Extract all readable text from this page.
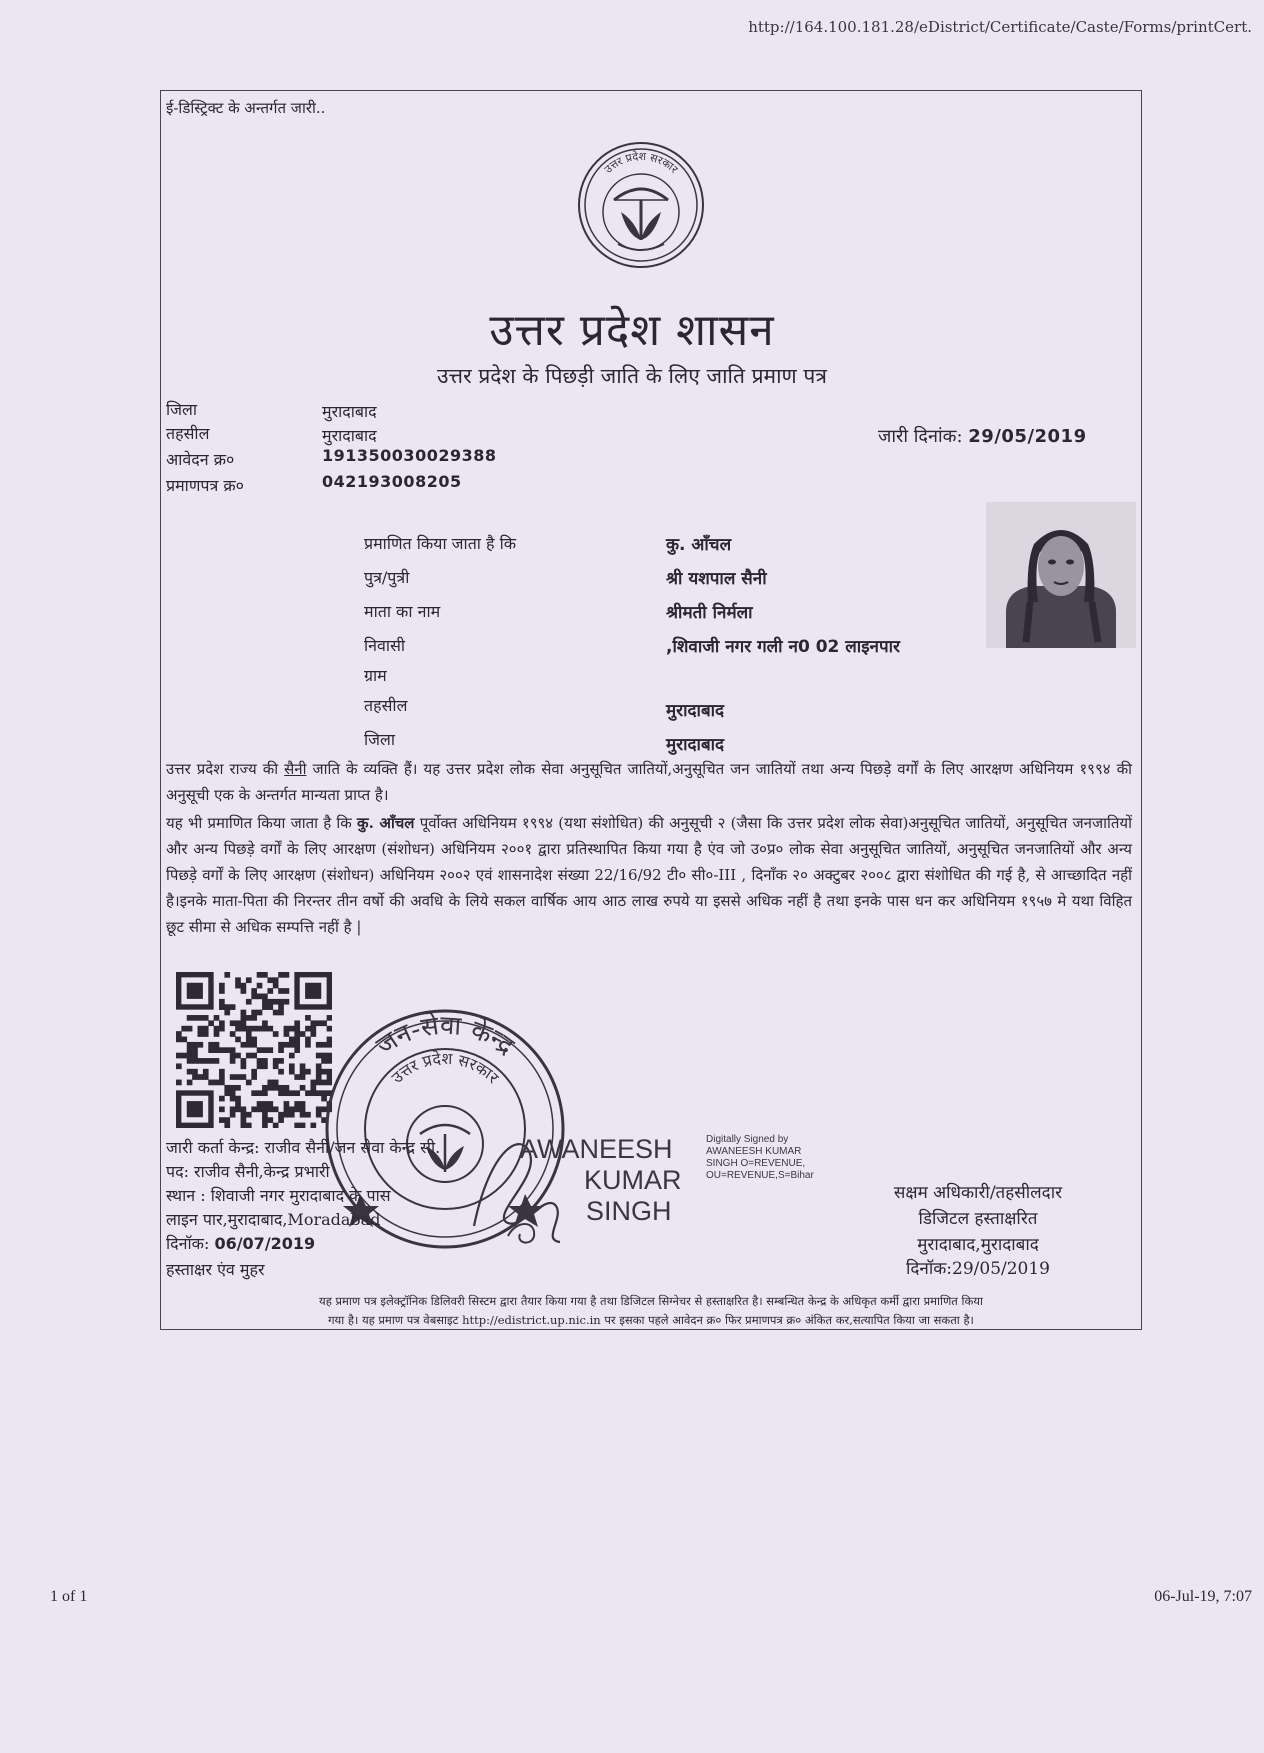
http://164.100.181.28/eDistrict/Certificate/Caste/Forms/printCert.
ई-डिस्ट्रिक्ट के अन्तर्गत जारी..
उत्तर प्रदेश सरकार
उत्तर प्रदेश शासन
उत्तर प्रदेश के पिछड़ी जाति के लिए जाति प्रमाण पत्र
जिला	मुरादाबाद
तहसील	मुरादाबाद
आवेदन क्र०	191350030029388
प्रमाणपत्र क्र०	042193008205
जारी दिनांक: 29/05/2019
प्रमाणित किया जाता है कि	कु. आँचल
पुत्र/पुत्री	श्री यशपाल सैनी
माता का नाम	श्रीमती निर्मला
निवासी	,शिवाजी नगर गली न0 02 लाइनपार
ग्राम
तहसील	मुरादाबाद
जिला	मुरादाबाद

उत्तर प्रदेश राज्य की सैनी जाति के व्यक्ति हैं। यह उत्तर प्रदेश लोक सेवा अनुसूचित जातियों,अनुसूचित जन जातियों तथा अन्य पिछड़े वर्गों के लिए आरक्षण अधिनियम १९९४ की अनुसूची एक के अन्तर्गत मान्यता प्राप्त है।

यह भी प्रमाणित किया जाता है कि कु. आँचल पूर्वोक्त अधिनियम १९९४ (यथा संशोधित) की अनुसूची २ (जैसा कि उत्तर प्रदेश लोक सेवा)अनुसूचित जातियों, अनुसूचित जनजातियों और अन्य पिछड़े वर्गों के लिए आरक्षण (संशोधन) अधिनियम २००१ द्वारा प्रतिस्थापित किया गया है एंव जो उ०प्र० लोक सेवा अनुसूचित जातियों, अनुसूचित जनजातियों और अन्य पिछड़े वर्गों के लिए आरक्षण (संशोधन) अधिनियम २००२ एवं शासनादेश संख्या 22/16/92 टी० सी०-III , दिनाँक २० अक्टुबर २००८ द्वारा संशोधित की गई है, से आच्छादित नहीं है।इनके माता-पिता की निरन्तर तीन वर्षो की अवधि के लिये सकल वार्षिक आय आठ लाख रुपये या इससे अधिक नहीं है तथा इनके पास धन कर अधिनियम १९५७ मे यथा विहित छूट सीमा से अधिक सम्पत्ति नहीं है |

जन-सेवा केन्द्र
उत्तर प्रदेश सरकार
जारी कर्ता केन्द्र: राजीव सैनी/जन सेवा केन्द्र सी.
पद: राजीव सैनी,केन्द्र प्रभारी
स्थान : शिवाजी नगर मुरादाबाद के पास
लाइन पार,मुरादाबाद,Moradabad
दिनॉक: 06/07/2019
हस्ताक्षर एंव मुहर
AWANEESH
KUMAR
SINGH
Digitally Signed by
AWANEESH KUMAR
SINGH O=REVENUE,
OU=REVENUE,S=Bihar
सक्षम अधिकारी/तहसीलदार
डिजिटल हस्ताक्षरित
मुरादाबाद,मुरादाबाद
दिनॉक:29/05/2019
यह प्रमाण पत्र इलेक्ट्रॉनिक डिलिवरी सिस्टम द्वारा तैयार किया गया है तथा डिजिटल सिग्नेचर से हस्ताक्षरित है। सम्बन्धित केन्द्र के अधिकृत कर्मी द्वारा प्रमाणित किया
गया है। यह प्रमाण पत्र वेबसाइट http://edistrict.up.nic.in पर इसका पहले आवेदन क्र० फिर प्रमाणपत्र क्र० अंकित कर,सत्यापित किया जा सकता है।
1 of 1	06-Jul-19, 7:07
